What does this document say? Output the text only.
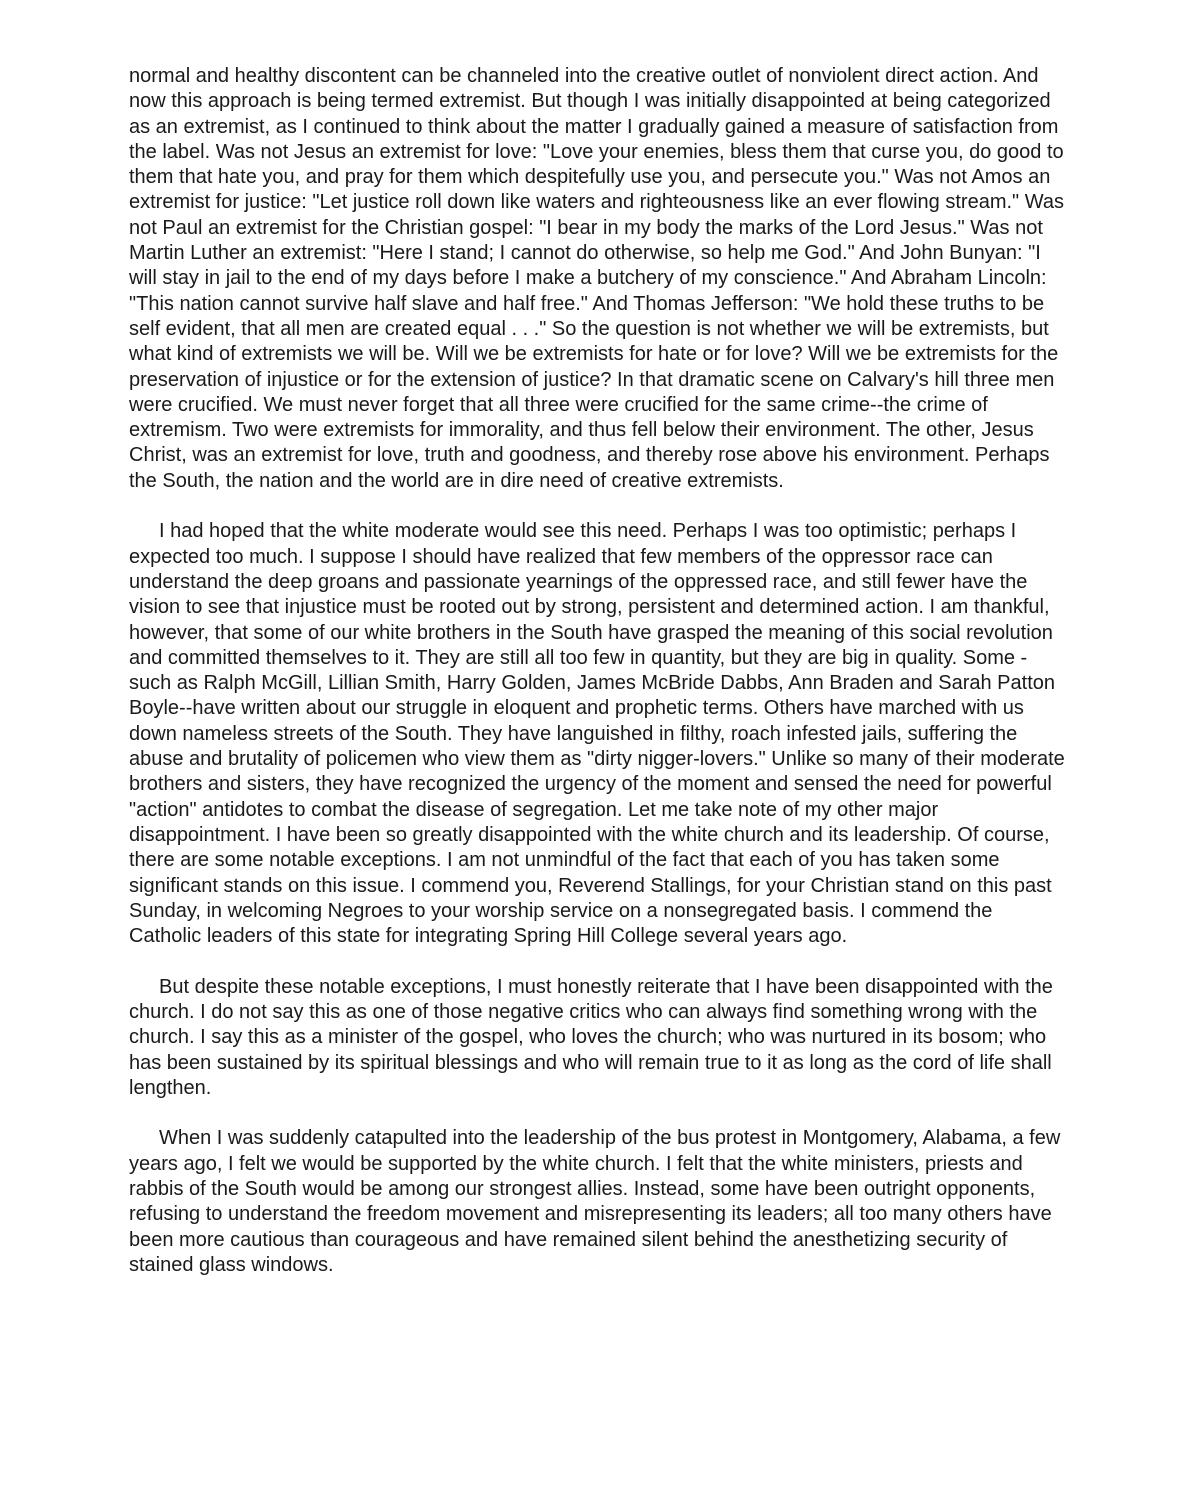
normal and healthy discontent can be channeled into the creative outlet of nonviolent direct action. And now this approach is being termed extremist. But though I was initially disappointed at being categorized as an extremist, as I continued to think about the matter I gradually gained a measure of satisfaction from the label. Was not Jesus an extremist for love: "Love your enemies, bless them that curse you, do good to them that hate you, and pray for them which despitefully use you, and persecute you." Was not Amos an extremist for justice: "Let justice roll down like waters and righteousness like an ever flowing stream." Was not Paul an extremist for the Christian gospel: "I bear in my body the marks of the Lord Jesus." Was not Martin Luther an extremist: "Here I stand; I cannot do otherwise, so help me God." And John Bunyan: "I will stay in jail to the end of my days before I make a butchery of my conscience." And Abraham Lincoln: "This nation cannot survive half slave and half free." And Thomas Jefferson: "We hold these truths to be self evident, that all men are created equal . . ." So the question is not whether we will be extremists, but what kind of extremists we will be. Will we be extremists for hate or for love? Will we be extremists for the preservation of injustice or for the extension of justice? In that dramatic scene on Calvary's hill three men were crucified. We must never forget that all three were crucified for the same crime--the crime of extremism. Two were extremists for immorality, and thus fell below their environment. The other, Jesus Christ, was an extremist for love, truth and goodness, and thereby rose above his environment. Perhaps the South, the nation and the world are in dire need of creative extremists.

I had hoped that the white moderate would see this need. Perhaps I was too optimistic; perhaps I expected too much. I suppose I should have realized that few members of the oppressor race can understand the deep groans and passionate yearnings of the oppressed race, and still fewer have the vision to see that injustice must be rooted out by strong, persistent and determined action. I am thankful, however, that some of our white brothers in the South have grasped the meaning of this social revolution and committed themselves to it. They are still all too few in quantity, but they are big in quality. Some -such as Ralph McGill, Lillian Smith, Harry Golden, James McBride Dabbs, Ann Braden and Sarah Patton Boyle--have written about our struggle in eloquent and prophetic terms. Others have marched with us down nameless streets of the South. They have languished in filthy, roach infested jails, suffering the abuse and brutality of policemen who view them as "dirty nigger-lovers." Unlike so many of their moderate brothers and sisters, they have recognized the urgency of the moment and sensed the need for powerful "action" antidotes to combat the disease of segregation. Let me take note of my other major disappointment. I have been so greatly disappointed with the white church and its leadership. Of course, there are some notable exceptions. I am not unmindful of the fact that each of you has taken some significant stands on this issue. I commend you, Reverend Stallings, for your Christian stand on this past Sunday, in welcoming Negroes to your worship service on a nonsegregated basis. I commend the Catholic leaders of this state for integrating Spring Hill College several years ago.

But despite these notable exceptions, I must honestly reiterate that I have been disappointed with the church. I do not say this as one of those negative critics who can always find something wrong with the church. I say this as a minister of the gospel, who loves the church; who was nurtured in its bosom; who has been sustained by its spiritual blessings and who will remain true to it as long as the cord of life shall lengthen.

When I was suddenly catapulted into the leadership of the bus protest in Montgomery, Alabama, a few years ago, I felt we would be supported by the white church. I felt that the white ministers, priests and rabbis of the South would be among our strongest allies. Instead, some have been outright opponents, refusing to understand the freedom movement and misrepresenting its leaders; all too many others have been more cautious than courageous and have remained silent behind the anesthetizing security of stained glass windows.
